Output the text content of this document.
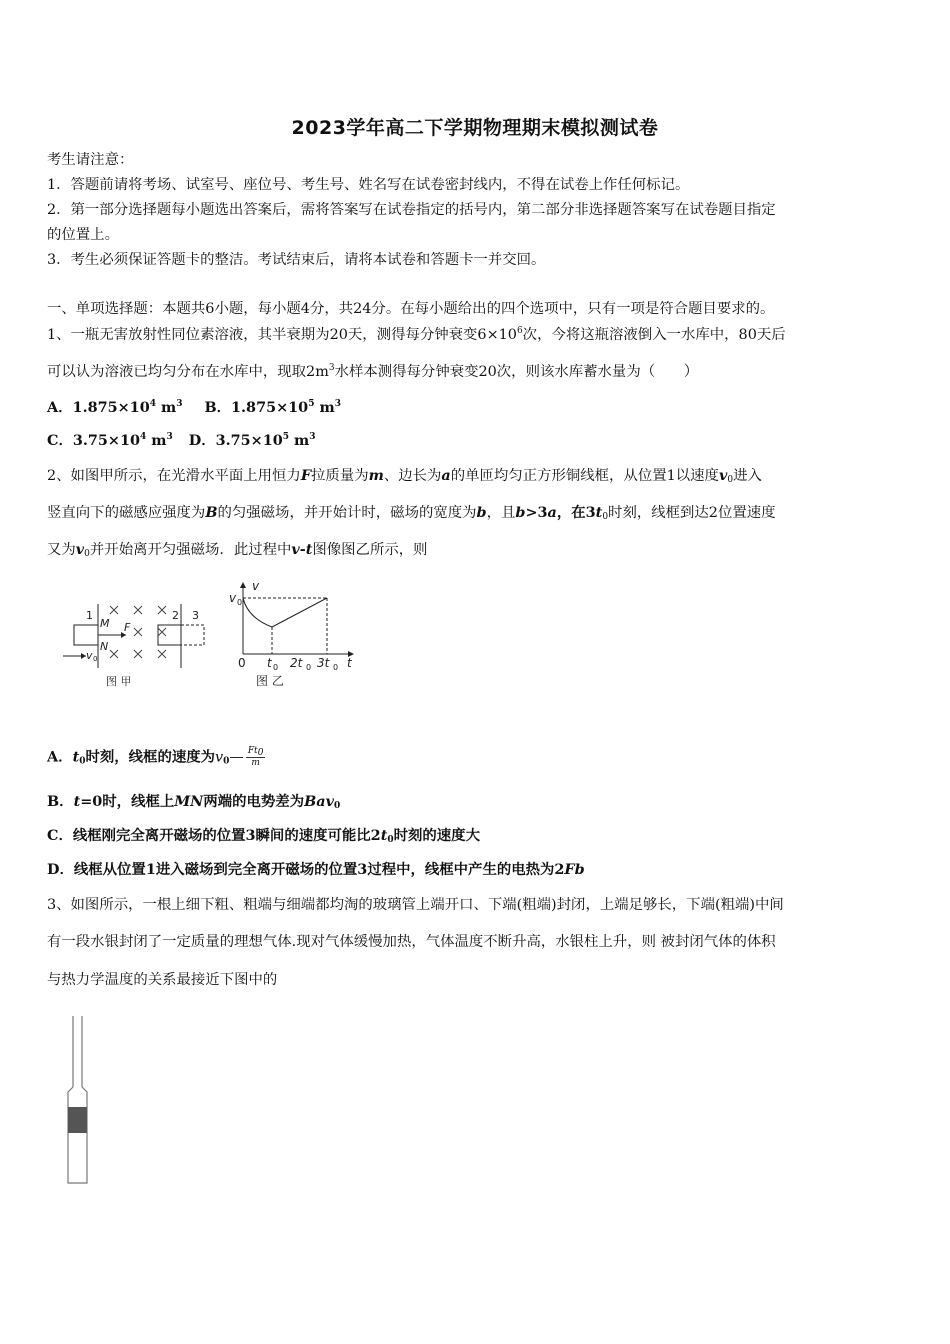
2023学年高二下学期物理期末模拟测试卷
考生请注意：
1．答题前请将考场、试室号、座位号、考生号、姓名写在试卷密封线内，不得在试卷上作任何标记。
2．第一部分选择题每小题选出答案后，需将答案写在试卷指定的括号内，第二部分非选择题答案写在试卷题目指定
的位置上。
3．考生必须保证答题卡的整洁。考试结束后，请将本试卷和答题卡一并交回。
一、单项选择题：本题共6小题，每小题4分，共24分。在每小题给出的四个选项中，只有一项是符合题目要求的。
1、一瓶无害放射性同位素溶液，其半衰期为20天，测得每分钟衰变$6\times 10^6$次，今将这瓶溶液倒入一水库中，80天后
可以认为溶液已均匀分布在水库中，现取$2m^3$水样本测得每分钟衰变20次，则该水库蓄水量为（　　）
A．$1.875\times 10^4$ $m^3$ B．$1.875\times 10^5$ $m^3$
C．$3.75\times 10^4$ $m^3$ D．$3.75\times 10^5$ $m^3$
2、如图甲所示，在光滑水平面上用恒力F拉质量为m、边长为a的单匝均匀正方形铜线框，从位置1以速度$v_0$进入
竖直向下的磁感应强度为B的匀强磁场，并开始计时，磁场的宽度为b，且b>3a，在$3t_0$时刻，线框到达2位置速度
又为$v_0$并开始离开匀强磁场．此过程中v-t图像图乙所示，则
1	2 3
M
N
F
v 0
图 甲
v
v 0
0 t 0 2t 0 3t 0 t
图 乙
A．$t_0$时刻，线框的速度为$v_0— \frac{Ft_0}{m}$
B．t=0时，线框上MN两端的电势差为Bav$_0$
C．线框刚完全离开磁场的位置3瞬间的速度可能比$2t_0$时刻的速度大
D．线框从位置1进入磁场到完全离开磁场的位置3过程中，线框中产生的电热为2Fb
3、如图所示，一根上细下粗、粗端与细端都均淘的玻璃管上端开口、下端(粗端)封闭，上端足够长，下端(粗端)中间
有一段水银封闭了一定质量的理想气体.现对气体缓慢加热，气体温度不断升高，水银柱上升，则 被封闭气体的体积
与热力学温度的关系最接近下图中的
